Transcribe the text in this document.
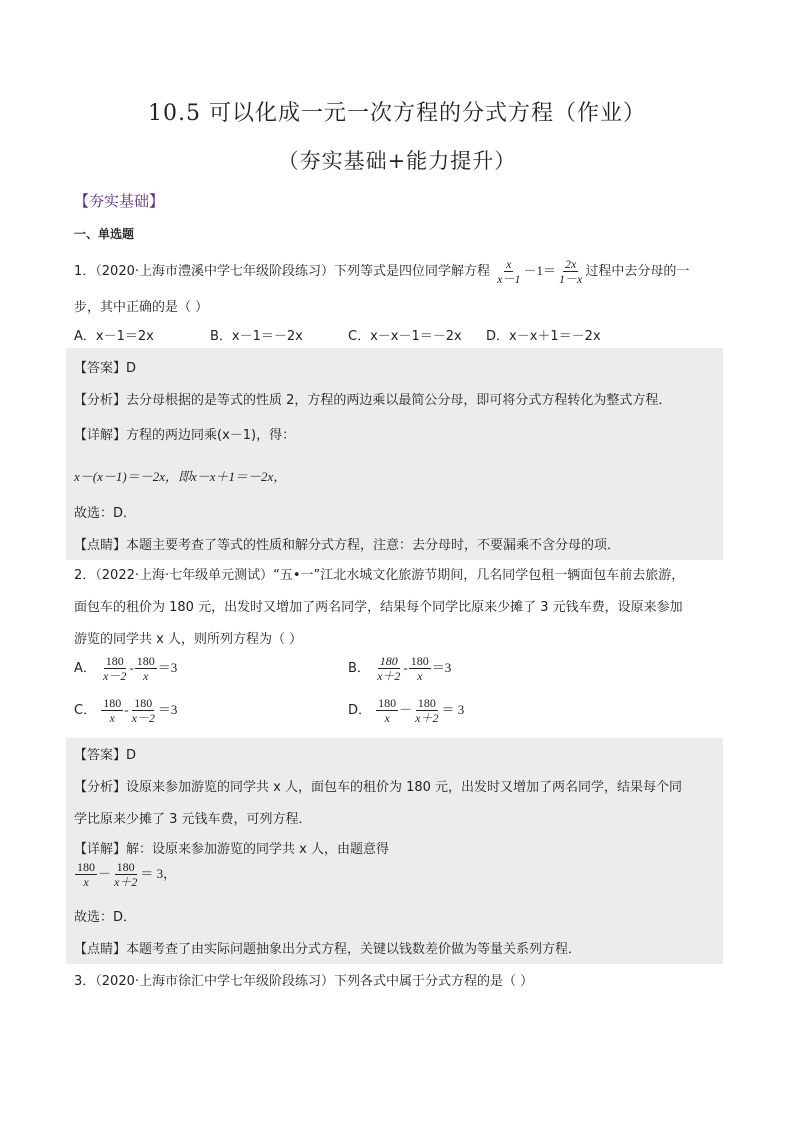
10.5 可以化成一元一次方程的分式方程（作业）
（夯实基础+能力提升）
【夯实基础】
一、单选题
1．（2020·上海市澧溪中学七年级阶段练习）下列等式是四位同学解方程 $\frac{x}{x-1} -1= \frac{2x}{1-x}$ 过程中去分母的一
步，其中正确的是（ ）
A．x－1＝2x	B．x－1＝－2x	C．x－x－1＝－2x D．x－x＋1＝－2x
【答案】D
【分析】去分母根据的是等式的性质 2，方程的两边乘以最简公分母，即可将分式方程转化为整式方程．
【详解】方程的两边同乘(x－1)，得：
x－(x－1)＝－2x，即x－x＋1＝－2x，
故选：D．
【点睛】本题主要考查了等式的性质和解分式方程，注意：去分母时，不要漏乘不含分母的项．
2．（2022·上海·七年级单元测试）“五•一”江北水城文化旅游节期间，几名同学包租一辆面包车前去旅游，
面包车的租价为 180 元，出发时又增加了两名同学，结果每个同学比原来少摊了 3 元钱车费，设原来参加
游览的同学共 x 人，则所列方程为（ ）
A． $\frac{180}{x-2} - \frac{180}{x} =3$	B． $\frac{180}{x+2} - \frac{180}{x} =3$
C． $\frac{180}{x} - \frac{180}{x-2} =3$	D． $\frac{180}{x} - \frac{180}{x+2} = 3$
【答案】D
【分析】设原来参加游览的同学共 x 人，面包车的租价为 180 元，出发时又增加了两名同学，结果每个同
学比原来少摊了 3 元钱车费，可列方程．
【详解】解：设原来参加游览的同学共 x 人，由题意得
$\frac{180}{x} - \frac{180}{x+2} = 3$，
故选：D．
【点睛】本题考查了由实际问题抽象出分式方程，关键以钱数差价做为等量关系列方程．
3．（2020·上海市徐汇中学七年级阶段练习）下列各式中属于分式方程的是（ ）
